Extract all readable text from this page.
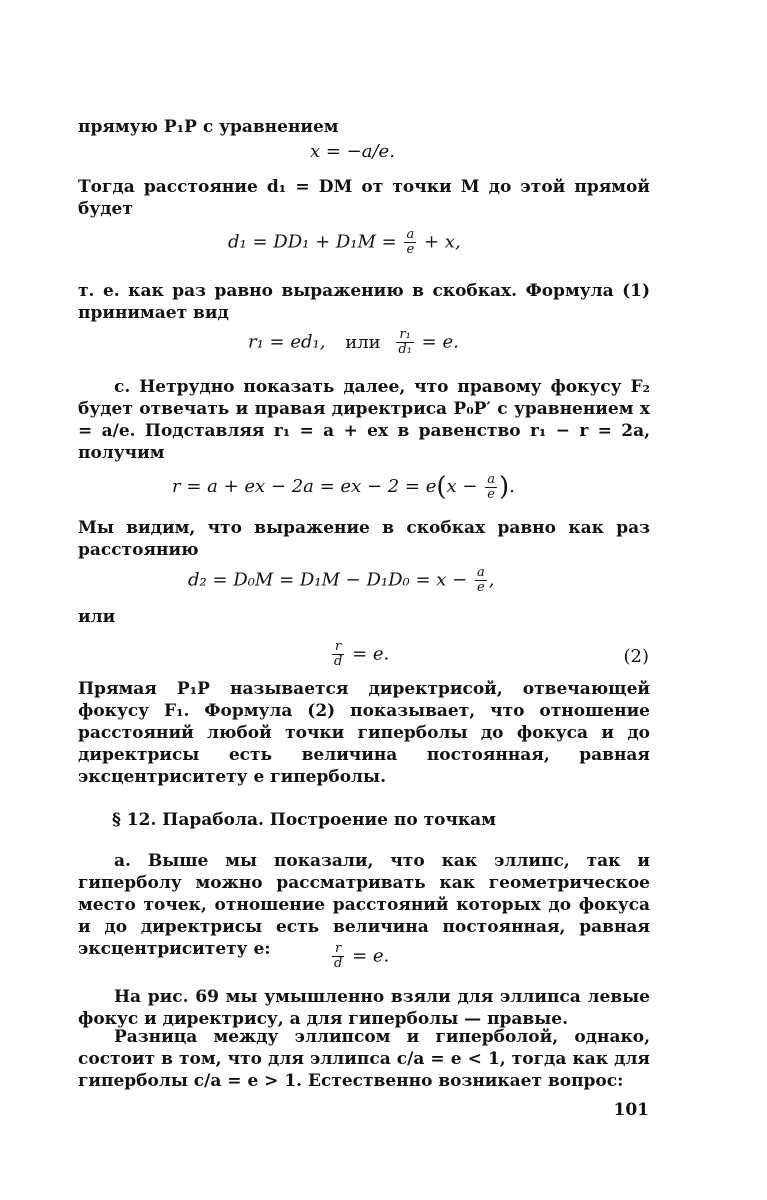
прямую P₁P с уравнением
x = −a/e.
Тогда расстояние d₁ = DM от точки M до этой прямой будет
$d_1 = DD_1 + D_1M = \frac{a}{e} + x$,
т. е. как раз равно выражению в скобках. Формула (1) принимает вид
r₁ = ed₁, или $\frac{\text{r₁}}{\text{d₁}} = e$.
с. Нетрудно показать далее, что правому фокусу F₂ будет отвечать и правая директриса P₀P′ с уравнением x = a/e. Подставляя r₁ = a + ex в равенство r₁ − r = 2a, получим
r = a + ex − 2a = ex − $2 = e(x - \frac{a}{e}$ ).
Мы видим, что выражение в скобках равно как раз расстоянию
$d_2 = D_0M = D_1M - D_1D_0 = x - \frac{a}{e}$ ,
или
$\frac{r}{d} = e$.	(2)
Прямая P₁P называется директрисой, отвечающей фокусу F₁. Формула (2) показывает, что отношение расстояний любой точки гиперболы до фокуса и до директрисы есть величина постоянная, равная эксцентриситету e гиперболы.
§ 12. Парабола. Построение по точкам
а. Выше мы показали, что как эллипс, так и гиперболу можно рассматривать как геометрическое место точек, отношение расстояний которых до фокуса и до директрисы есть величина постоянная, равная эксцентриситету e:	$\frac{r}{d} = e$.
На рис. 69 мы умышленно взяли для эллипса левые фокус и директрису, а для гиперболы — правые.
Разница между эллипсом и гиперболой, однако, состоит в том, что для эллипса c/a = e < 1, тогда как для гиперболы c/a = e > 1. Естественно возникает вопрос:
101
